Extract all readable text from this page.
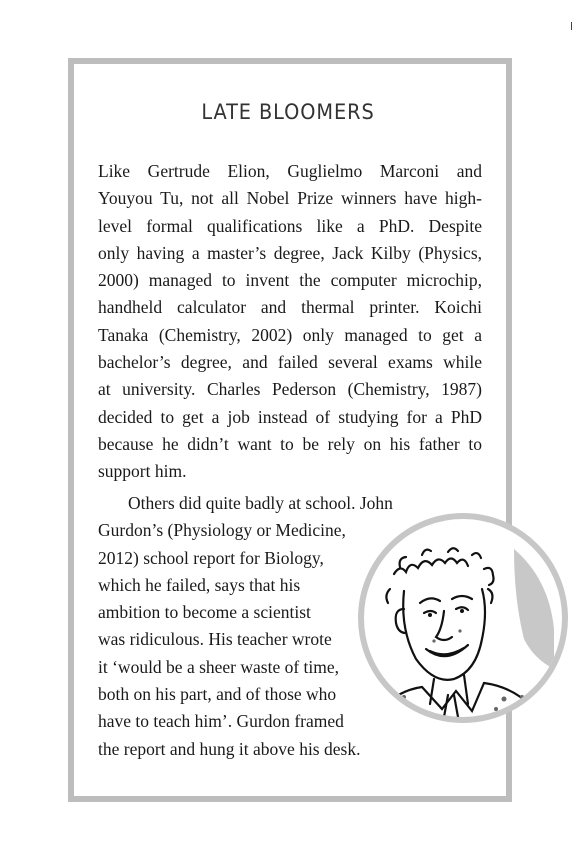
LATE BLOOMERS
Like Gertrude Elion, Guglielmo Marconi and
Youyou Tu, not all Nobel Prize winners have high-
level formal qualifications like a PhD. Despite
only having a master’s degree, Jack Kilby (Physics,
2000) managed to invent the computer microchip,
handheld calculator and thermal printer. Koichi
Tanaka (Chemistry, 2002) only managed to get a
bachelor’s degree, and failed several exams while
at university. Charles Pederson (Chemistry, 1987)
decided to get a job instead of studying for a PhD
because he didn’t want to be rely on his father to
support him.
Others did quite badly at school. John
Gurdon’s (Physiology or Medicine,
2012) school report for Biology,
which he failed, says that his
ambition to become a scientist
was ridiculous. His teacher wrote
it ‘would be a sheer waste of time,
both on his part, and of those who
have to teach him’. Gurdon framed
the report and hung it above his desk.
